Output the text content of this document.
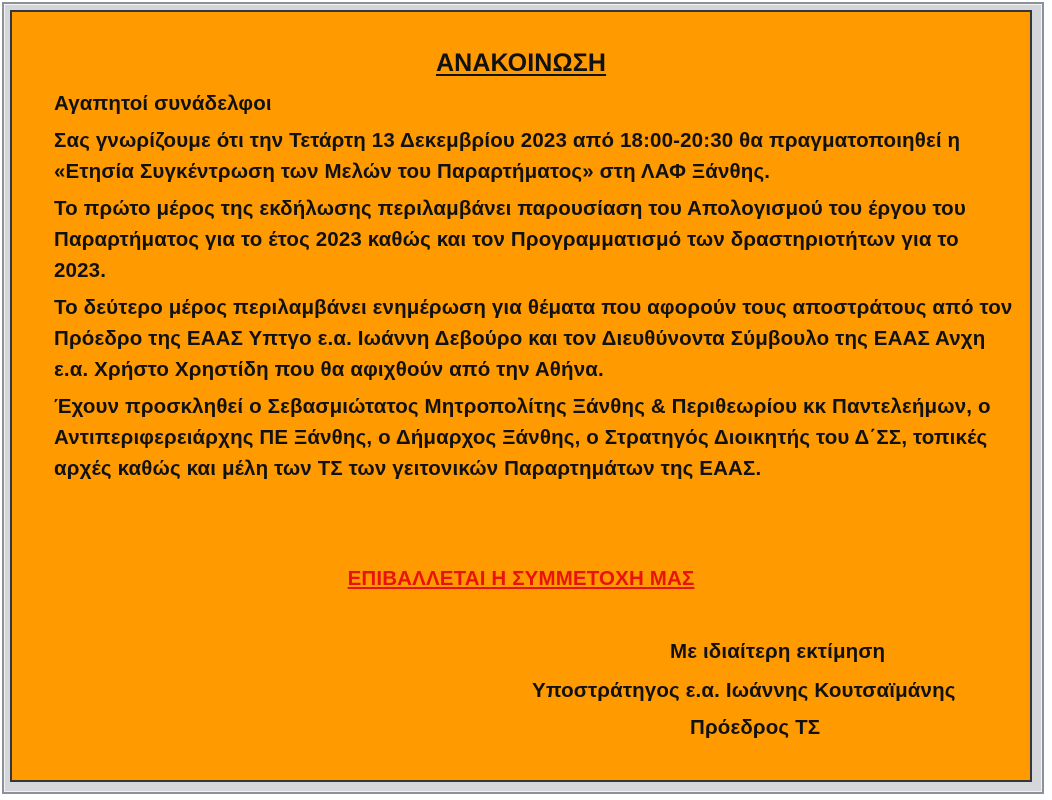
ΑΝΑΚΟΙΝΩΣΗ

Αγαπητοί συνάδελφοι

Σας γνωρίζουμε ότι την Τετάρτη 13 Δεκεμβρίου 2023 από 18:00-20:30 θα πραγματοποιηθεί η «Ετησία Συγκέντρωση των Μελών του Παραρτήματος» στη ΛΑΦ Ξάνθης.

Το πρώτο μέρος της εκδήλωσης περιλαμβάνει παρουσίαση του Απολογισμού του έργου του Παραρτήματος για το έτος 2023 καθώς και τον Προγραμματισμό των δραστηριοτήτων για το 2023.

Το δεύτερο μέρος περιλαμβάνει ενημέρωση για θέματα που αφορούν τους αποστράτους από τον Πρόεδρο της ΕΑΑΣ Υπτγο ε.α. Ιωάννη Δεβούρο και τον Διευθύνοντα Σύμβουλο της ΕΑΑΣ Ανχη ε.α. Χρήστο Χρηστίδη που θα αφιχθούν από την Αθήνα.

Έχουν προσκληθεί ο Σεβασμιώτατος Μητροπολίτης Ξάνθης & Περιθεωρίου κκ Παντελεήμων, ο Αντιπεριφερειάρχης ΠΕ Ξάνθης, ο Δήμαρχος Ξάνθης, ο Στρατηγός Διοικητής του Δ΄ΣΣ, τοπικές αρχές καθώς και μέλη των ΤΣ των γειτονικών Παραρτημάτων της ΕΑΑΣ.

ΕΠΙΒΑΛΛΕΤΑΙ Η ΣΥΜΜΕΤΟΧΗ ΜΑΣ
Με ιδιαίτερη εκτίμηση
Υποστράτηγος ε.α. Ιωάννης Κουτσαϊμάνης
Πρόεδρος ΤΣ
